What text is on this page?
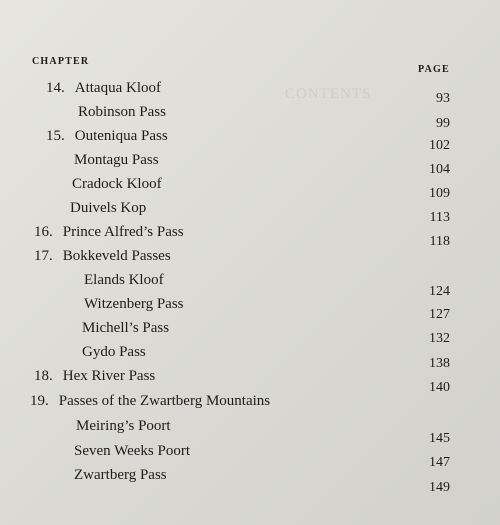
CONTENTS
CHAPTER
PAGE
14. Attaqua Kloof
Robinson Pass
15. Outeniqua Pass
Montagu Pass
Cradock Kloof
Duivels Kop
16. Prince Alfred’s Pass
17. Bokkeveld Passes
Elands Kloof
Witzenberg Pass
Michell’s Pass
Gydo Pass
18. Hex River Pass
19. Passes of the Zwartberg Mountains
Meiring’s Poort
Seven Weeks Poort
Zwartberg Pass
93
99
102
104
109
113
118
124
127
132
138
140
145
147
149
